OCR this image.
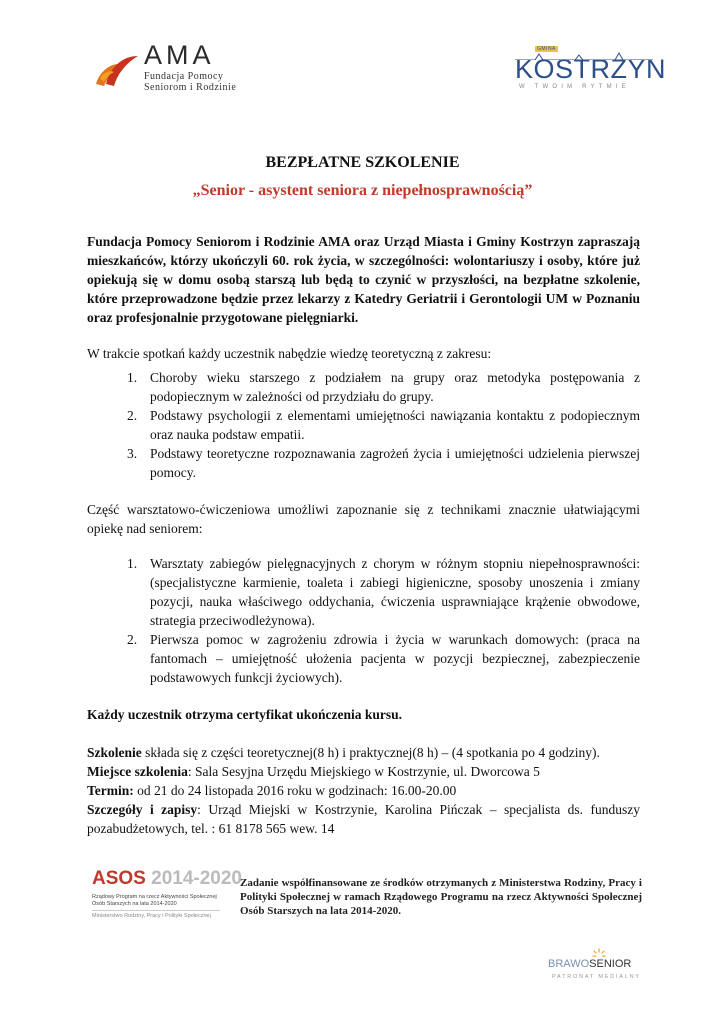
AMA
Fundacja Pomocy
Seniorom i Rodzinie
GMINA
KOSTRZYN
W TWOIM RYTMIE
BEZPŁATNE SZKOLENIE
„Senior - asystent seniora z niepełnosprawnością”
Fundacja Pomocy Seniorom i Rodzinie AMA oraz Urząd Miasta i Gminy Kostrzyn zapraszają mieszkańców, którzy ukończyli 60. rok życia, w szczególności: wolontariuszy i osoby, które już opiekują się w domu osobą starszą lub będą to czynić w przyszłości, na bezpłatne szkolenie, które przeprowadzone będzie przez lekarzy z Katedry Geriatrii i Gerontologii UM w Poznaniu oraz profesjonalnie przygotowane pielęgniarki.
W trakcie spotkań każdy uczestnik nabędzie wiedzę teoretyczną z zakresu:
1. Choroby wieku starszego z podziałem na grupy oraz metodyka postępowania z podopiecznym w zależności od przydziału do grupy.
2. Podstawy psychologii z elementami umiejętności nawiązania kontaktu z podopiecznym oraz nauka podstaw empatii.
3. Podstawy teoretyczne rozpoznawania zagrożeń życia i umiejętności udzielenia pierwszej pomocy.
Część warsztatowo-ćwiczeniowa umożliwi zapoznanie się z technikami znacznie ułatwiającymi opiekę nad seniorem:
1. Warsztaty zabiegów pielęgnacyjnych z chorym w różnym stopniu niepełnosprawności: (specjalistyczne karmienie, toaleta i zabiegi higieniczne, sposoby unoszenia i zmiany pozycji, nauka właściwego oddychania, ćwiczenia usprawniające krążenie obwodowe, strategia przeciwodleżynowa).
2. Pierwsza pomoc w zagrożeniu zdrowia i życia w warunkach domowych: (praca na fantomach – umiejętność ułożenia pacjenta w pozycji bezpiecznej, zabezpieczenie podstawowych funkcji życiowych).
Każdy uczestnik otrzyma certyfikat ukończenia kursu.

Szkolenie składa się z części teoretycznej(8 h) i praktycznej(8 h) – (4 spotkania po 4 godziny).

Miejsce szkolenia: Sala Sesyjna Urzędu Miejskiego w Kostrzynie, ul. Dworcowa 5

Termin: od 21 do 24 listopada 2016 roku w godzinach: 16.00-20.00

Szczegóły i zapisy: Urząd Miejski w Kostrzynie, Karolina Pińczak – specjalista ds. funduszy pozabudżetowych, tel. : 61 8178 565 wew. 14

ASOS 2014-2020
Rządowy Program na rzecz Aktywności Społecznej
Osób Starszych na lata 2014-2020
Ministerstwo Rodziny, Pracy i Polityki Społecznej
Zadanie współfinansowane ze środków otrzymanych z Ministerstwa Rodziny, Pracy i Polityki Społecznej w ramach Rządowego Programu na rzecz Aktywności Społecznej Osób Starszych na lata 2014-2020.
BRAWOSENIOR
PATRONAT MEDIALNY
